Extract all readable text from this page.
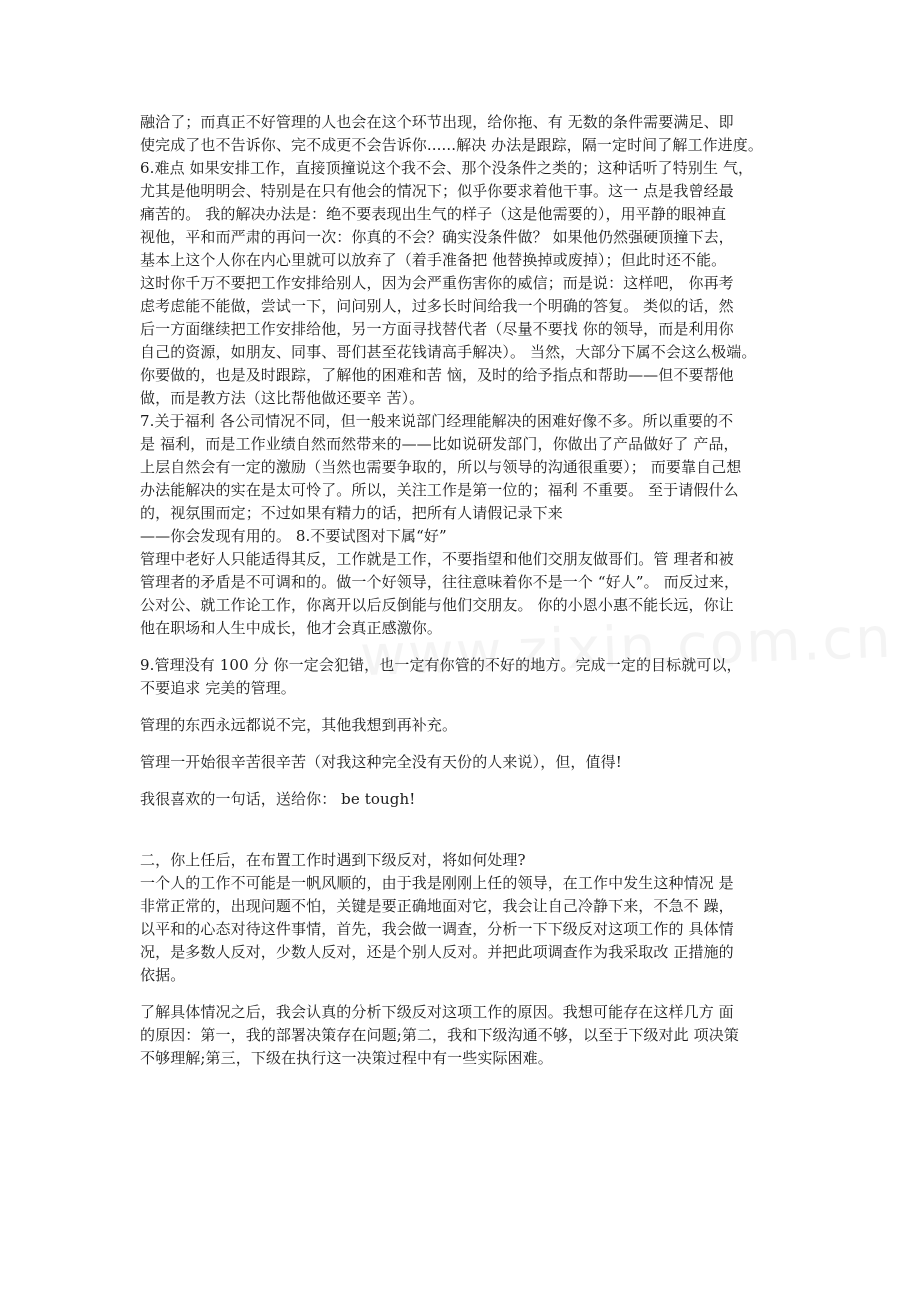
融洽了；而真正不好管理的人也会在这个环节出现，给你拖、有 无数的条件需要满足、即
使完成了也不告诉你、完不成更不会告诉你......解决 办法是跟踪，隔一定时间了解工作进度。
6.难点 如果安排工作，直接顶撞说这个我不会、那个没条件之类的；这种话听了特别生 气，
尤其是他明明会、特别是在只有他会的情况下；似乎你要求着他干事。这一 点是我曾经最
痛苦的。 我的解决办法是：绝不要表现出生气的样子（这是他需要的），用平静的眼神直
视他，平和而严肃的再问一次：你真的不会？确实没条件做？ 如果他仍然强硬顶撞下去，
基本上这个人你在内心里就可以放弃了（着手准备把 他替换掉或废掉）；但此时还不能。
这时你千万不要把工作安排给别人，因为会严重伤害你的威信；而是说：这样吧， 你再考
虑考虑能不能做，尝试一下，问问别人，过多长时间给我一个明确的答复。 类似的话，然
后一方面继续把工作安排给他，另一方面寻找替代者（尽量不要找 你的领导，而是利用你
自己的资源，如朋友、同事、哥们甚至花钱请高手解决）。 当然，大部分下属不会这么极端。
你要做的，也是及时跟踪，了解他的困难和苦 恼，及时的给予指点和帮助——但不要帮他
做，而是教方法（这比帮他做还要辛 苦）。
7.关于福利 各公司情况不同，但一般来说部门经理能解决的困难好像不多。所以重要的不
是 福利，而是工作业绩自然而然带来的——比如说研发部门，你做出了产品做好了 产品，
上层自然会有一定的激励（当然也需要争取的，所以与领导的沟通很重要）； 而要靠自己想
办法能解决的实在是太可怜了。所以，关注工作是第一位的；福利 不重要。 至于请假什么
的，视氛围而定；不过如果有精力的话，把所有人请假记录下来
——你会发现有用的。 8.不要试图对下属“好”
管理中老好人只能适得其反，工作就是工作，不要指望和他们交朋友做哥们。管 理者和被
管理者的矛盾是不可调和的。做一个好领导，往往意味着你不是一个 “好人”。 而反过来，
公对公、就工作论工作，你离开以后反倒能与他们交朋友。 你的小恩小惠不能长远，你让
他在职场和人生中成长，他才会真正感激你。

9.管理没有 100 分 你一定会犯错，也一定有你管的不好的地方。完成一定的目标就可以，
不要追求 完美的管理。

管理的东西永远都说不完，其他我想到再补充。

管理一开始很辛苦很辛苦（对我这种完全没有天份的人来说），但，值得!

我很喜欢的一句话，送给你： be tough!

二，你上任后，在布置工作时遇到下级反对，将如何处理?
一个人的工作不可能是一帆风顺的，由于我是刚刚上任的领导，在工作中发生这种情况 是
非常正常的，出现问题不怕，关键是要正确地面对它，我会让自己冷静下来，不急不 躁，
以平和的心态对待这件事情，首先，我会做一调查，分析一下下级反对这项工作的 具体情
况，是多数人反对，少数人反对，还是个别人反对。并把此项调查作为我采取改 正措施的
依据。

了解具体情况之后，我会认真的分析下级反对这项工作的原因。我想可能存在这样几方 面
的原因：第一，我的部署决策存在问题;第二，我和下级沟通不够，以至于下级对此 项决策
不够理解;第三，下级在执行这一决策过程中有一些实际困难。
